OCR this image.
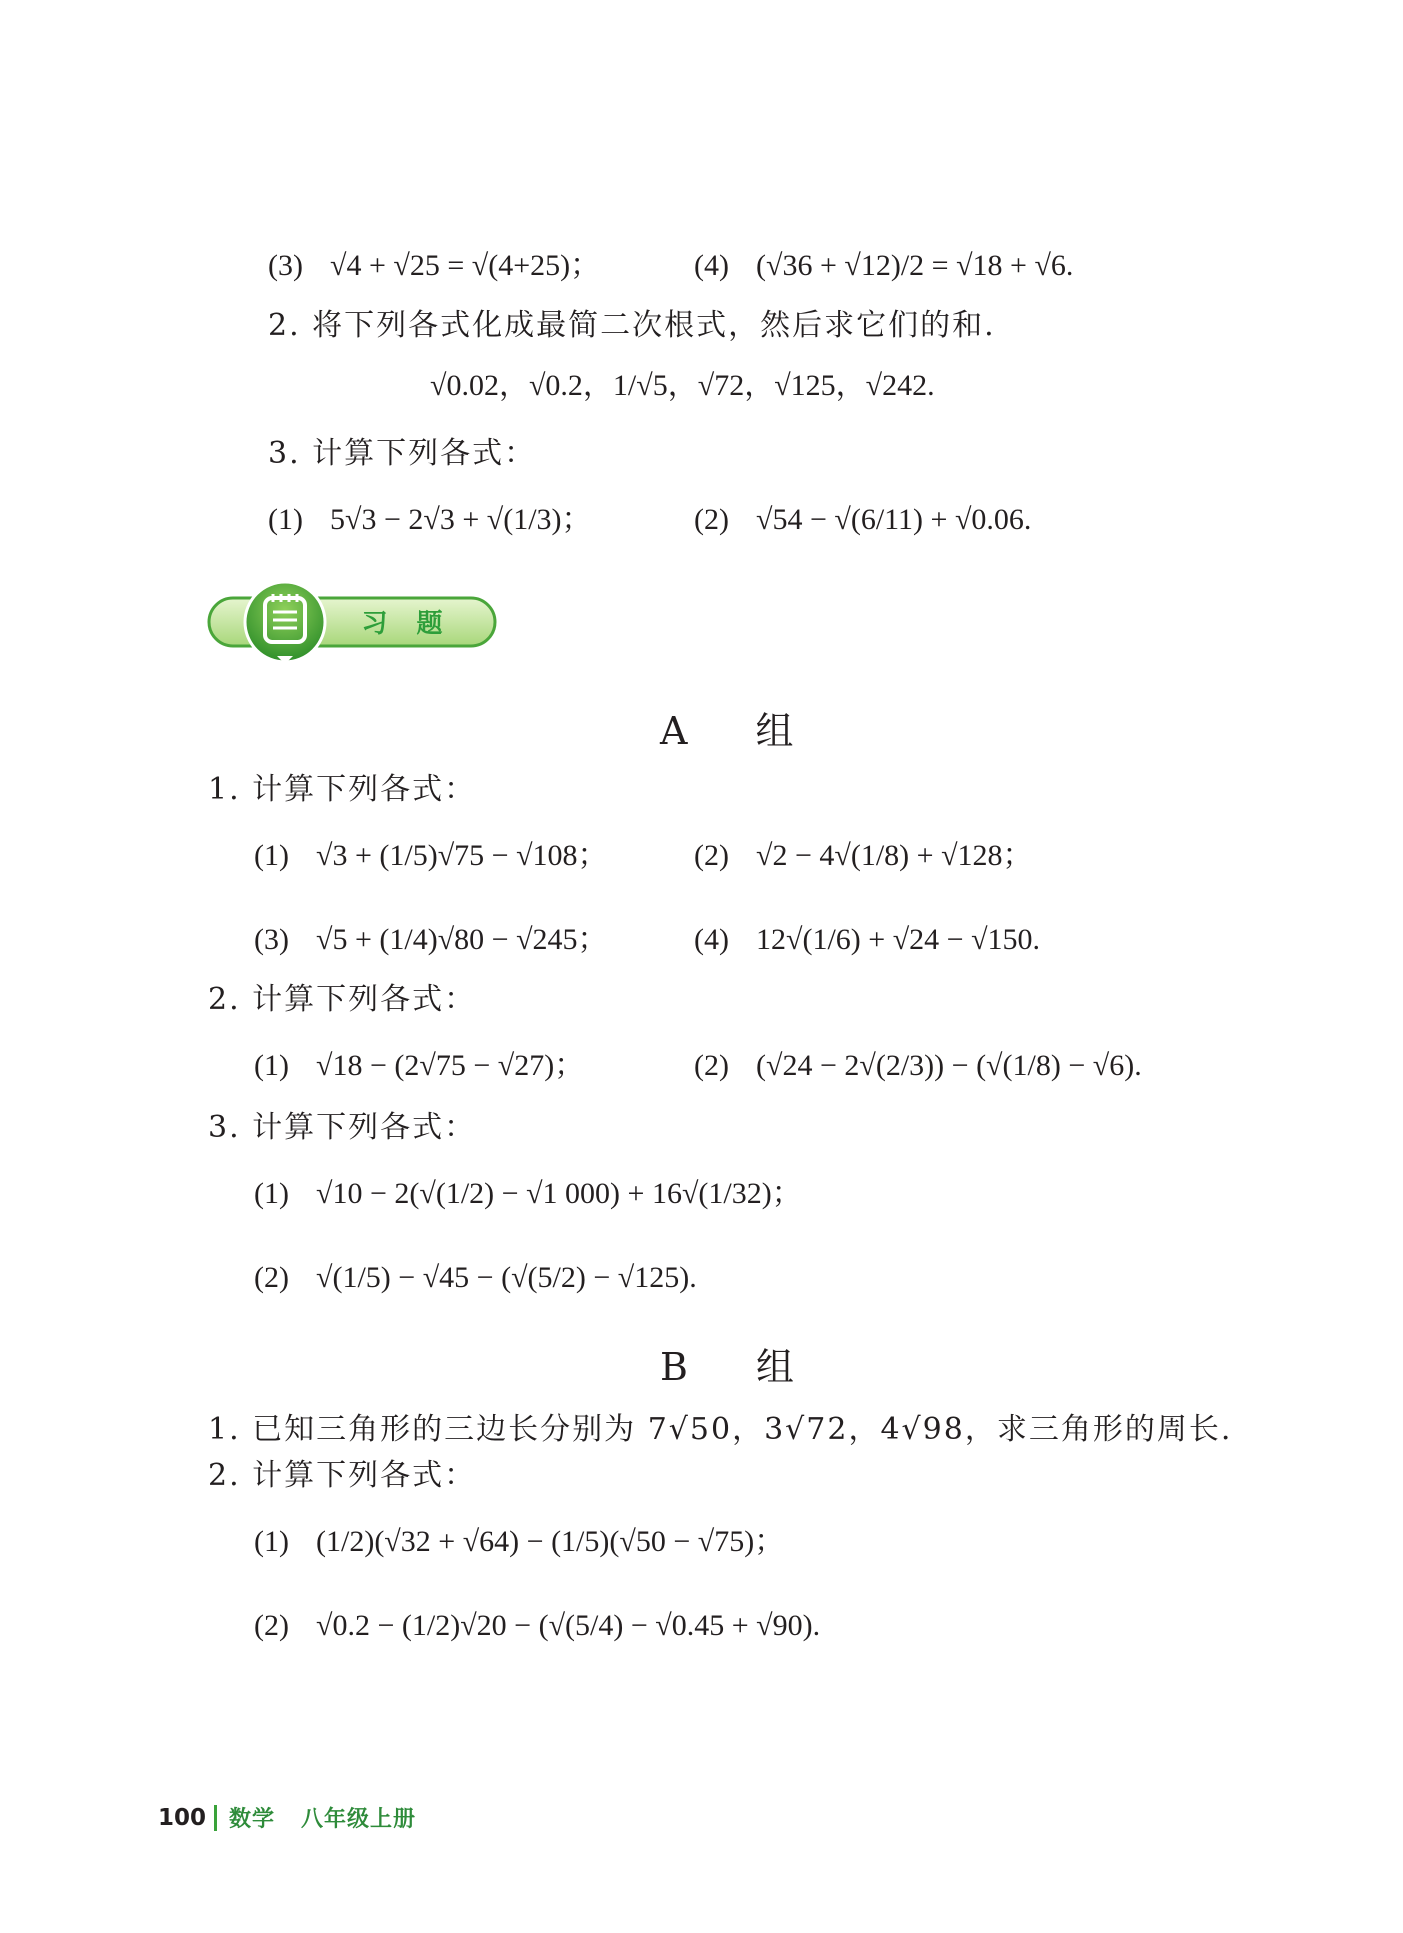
(3) √4 + √25 = √(4+25)；	(4) (√36 + √12)/2 = √18 + √6.
2. 将下列各式化成最简二次根式，然后求它们的和.
√0.02，√0.2，1/√5，√72，√125，√242.
3. 计算下列各式：
(1) 5√3 − 2√3 + √(1/3)；	(2) √54 − √(6/11) + √0.06.
习 题
A 组
1. 计算下列各式：
(1) √3 + (1/5)√75 − √108；	(2) √2 − 4√(1/8) + √128；
(3) √5 + (1/4)√80 − √245；	(4) 12√(1/6) + √24 − √150.
2. 计算下列各式：
(1) √18 − (2√75 − √27)；	(2) (√24 − 2√(2/3)) − (√(1/8) − √6).
3. 计算下列各式：
(1) √10 − 2(√(1/2) − √1 000) + 16√(1/32)；
(2) √(1/5) − √45 − (√(5/2) − √125).
B 组
1. 已知三角形的三边长分别为 7√50，3√72，4√98，求三角形的周长.
2. 计算下列各式：
(1) (1/2)(√32 + √64) − (1/5)(√50 − √75)；
(2) √0.2 − (1/2)√20 − (√(5/4) − √0.45 + √90).
100 数学 八年级上册
